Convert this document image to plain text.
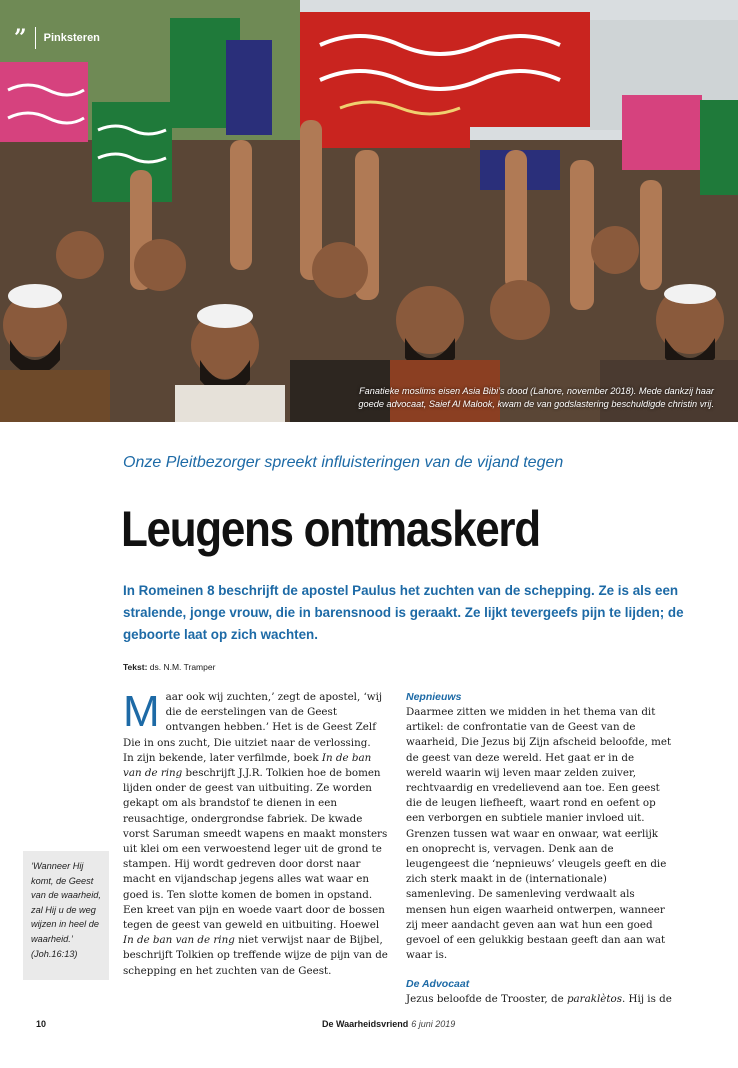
” Pinksteren
Fanatieke moslims eisen Asia Bibi’s dood (Lahore, november 2018). Mede dankzij haar
goede advocaat, Saief Al Malook, kwam de van godslastering beschuldigde christin vrij.
Onze Pleitbezorger spreekt influisteringen van de vijand tegen
Leugens ontmaskerd

In Romeinen 8 beschrijft de apostel Paulus het zuchten van de schepping. Ze is als een stralende, jonge vrouw, die in barensnood is geraakt. Ze lijkt tevergeefs pijn te lijden; de geboorte laat op zich wachten.

Tekst: ds. N.M. Tramper

Maar ook wij zuchten,’ zegt de apostel, ‘wij die de eerstelingen van de Geest ontvangen hebben.’ Het is de Geest Zelf Die in ons zucht, Die uitziet naar de verlossing.

In zijn bekende, later verfilmde, boek In de ban van de ring beschrijft J.J.R. Tolkien hoe de bomen lijden onder de geest van uitbuiting. Ze worden gekapt om als brandstof te dienen in een reusachtige, ondergrondse fabriek. De kwade vorst Saruman smeedt wapens en maakt monsters uit klei om een verwoestend leger uit de grond te stampen. Hij wordt gedreven door dorst naar macht en vijandschap jegens alles wat waar en goed is. Ten slotte komen de bomen in opstand. Een kreet van pijn en woede vaart door de bossen tegen de geest van geweld en uitbuiting. Hoewel In de ban van de ring niet verwijst naar de Bijbel, beschrijft Tolkien op treffende wijze de pijn van de schepping en het zuchten van de Geest.

Nepnieuws

Daarmee zitten we midden in het thema van dit artikel: de confrontatie van de Geest van de waarheid, Die Jezus bij Zijn afscheid beloofde, met de geest van deze wereld. Het gaat er in de wereld waarin wij leven maar zelden zuiver, rechtvaardig en vredelievend aan toe. Een geest die de leugen liefheeft, waart rond en oefent op een verborgen en subtiele manier invloed uit. Grenzen tussen wat waar en onwaar, wat eerlijk en onoprecht is, vervagen. Denk aan de leugengeest die ‘nepnieuws’ vleugels geeft en die zich sterk maakt in de (internationale) samenleving. De samenleving verdwaalt als mensen hun eigen waarheid ontwerpen, wanneer zij meer aandacht geven aan wat hun een goed gevoel of een gelukkig bestaan geeft dan aan wat waar is.

De Advocaat

Jezus beloofde de Trooster, de paraklètos. Hij is de

‘Wanneer Hij komt, de Geest van de waarheid, zal Hij u de weg wijzen in heel de waarheid.’ (Joh.16:13)
10	De Waarheidsvriend 6 juni 2019
